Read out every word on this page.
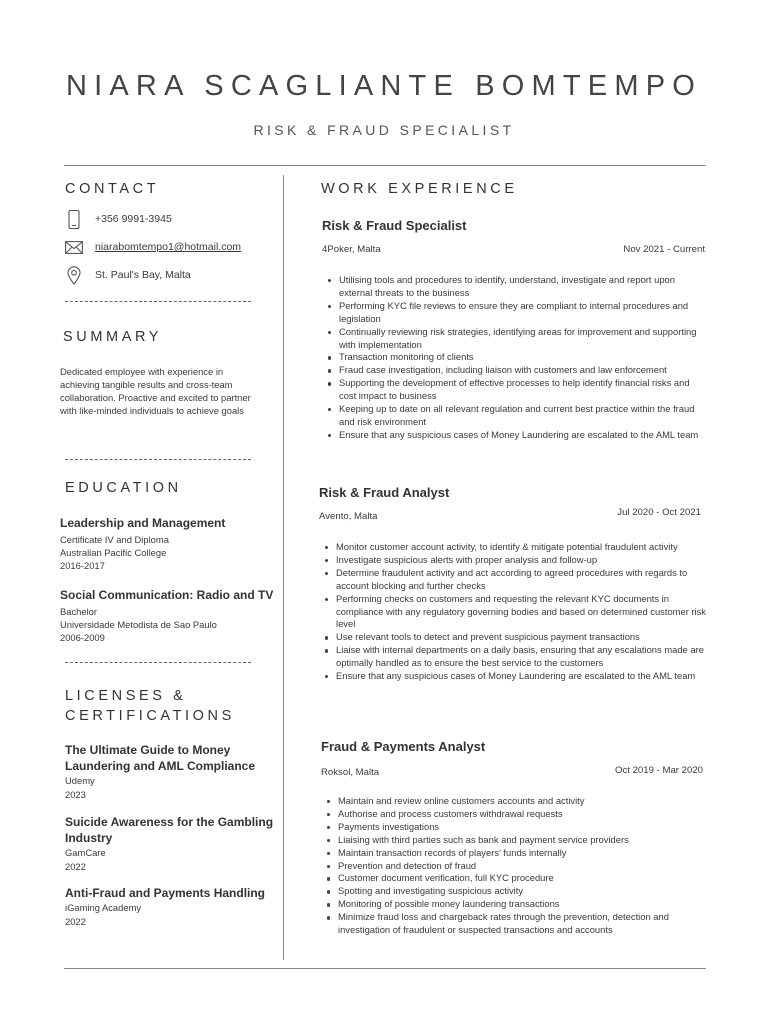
NIARA SCAGLIANTE BOMTEMPO
RISK & FRAUD SPECIALIST
CONTACT
+356 9991-3945
niarabomtempo1@hotmail.com
St. Paul's Bay, Malta
SUMMARY
Dedicated employee with experience in achieving tangible results and cross-team collaboration. Proactive and excited to partner with like-minded individuals to achieve goals
EDUCATION
Leadership and Management
Certificate IV and Diploma
Australian Pacific College
2016-2017
Social Communication: Radio and TV
Bachelor
Universidade Metodista de Sao Paulo
2006-2009
LICENSES &
CERTIFICATIONS
The Ultimate Guide to Money Laundering and AML Compliance
Udemy
2023
Suicide Awareness for the Gambling Industry
GamCare
2022
Anti-Fraud and Payments Handling
iGaming Academy
2022
WORK EXPERIENCE
Risk & Fraud Specialist
4Poker, Malta	Nov 2021 - Current
Utilising tools and procedures to identify, understand, investigate and report upon external threats to the business
Performing KYC file reviews to ensure they are compliant to internal procedures and legislation
Continually reviewing risk strategies, identifying areas for improvement and supporting with implementation
Transaction monitoring of clients
Fraud case investigation, including liaison with customers and law enforcement
Supporting the development of effective processes to help identify financial risks and cost impact to business
Keeping up to date on all relevant regulation and current best practice within the fraud and risk environment
Ensure that any suspicious cases of Money Laundering are escalated to the AML team
Risk & Fraud Analyst
Avento, Malta	Jul 2020 - Oct 2021
Monitor customer account activity, to identify & mitigate potential fraudulent activity
Investigate suspicious alerts with proper analysis and follow-up
Determine fraudulent activity and act according to agreed procedures with regards to account blocking and further checks
Performing checks on customers and requesting the relevant KYC documents in compliance with any regulatory governing bodies and based on determined customer risk level
Use relevant tools to detect and prevent suspicious payment transactions
Liaise with internal departments on a daily basis, ensuring that any escalations made are optimally handled as to ensure the best service to the customers
Ensure that any suspicious cases of Money Laundering are escalated to the AML team
Fraud & Payments Analyst
Roksol, Malta	Oct 2019 - Mar 2020
Maintain and review online customers accounts and activity
Authorise and process customers withdrawal requests
Payments investigations
Liaising with third parties such as bank and payment service providers
Maintain transaction records of players' funds internally
Prevention and detection of fraud
Customer document verification, full KYC procedure
Spotting and investigating suspicious activity
Monitoring of possible money laundering transactions
Minimize fraud loss and chargeback rates through the prevention, detection and investigation of fraudulent or suspected transactions and accounts
